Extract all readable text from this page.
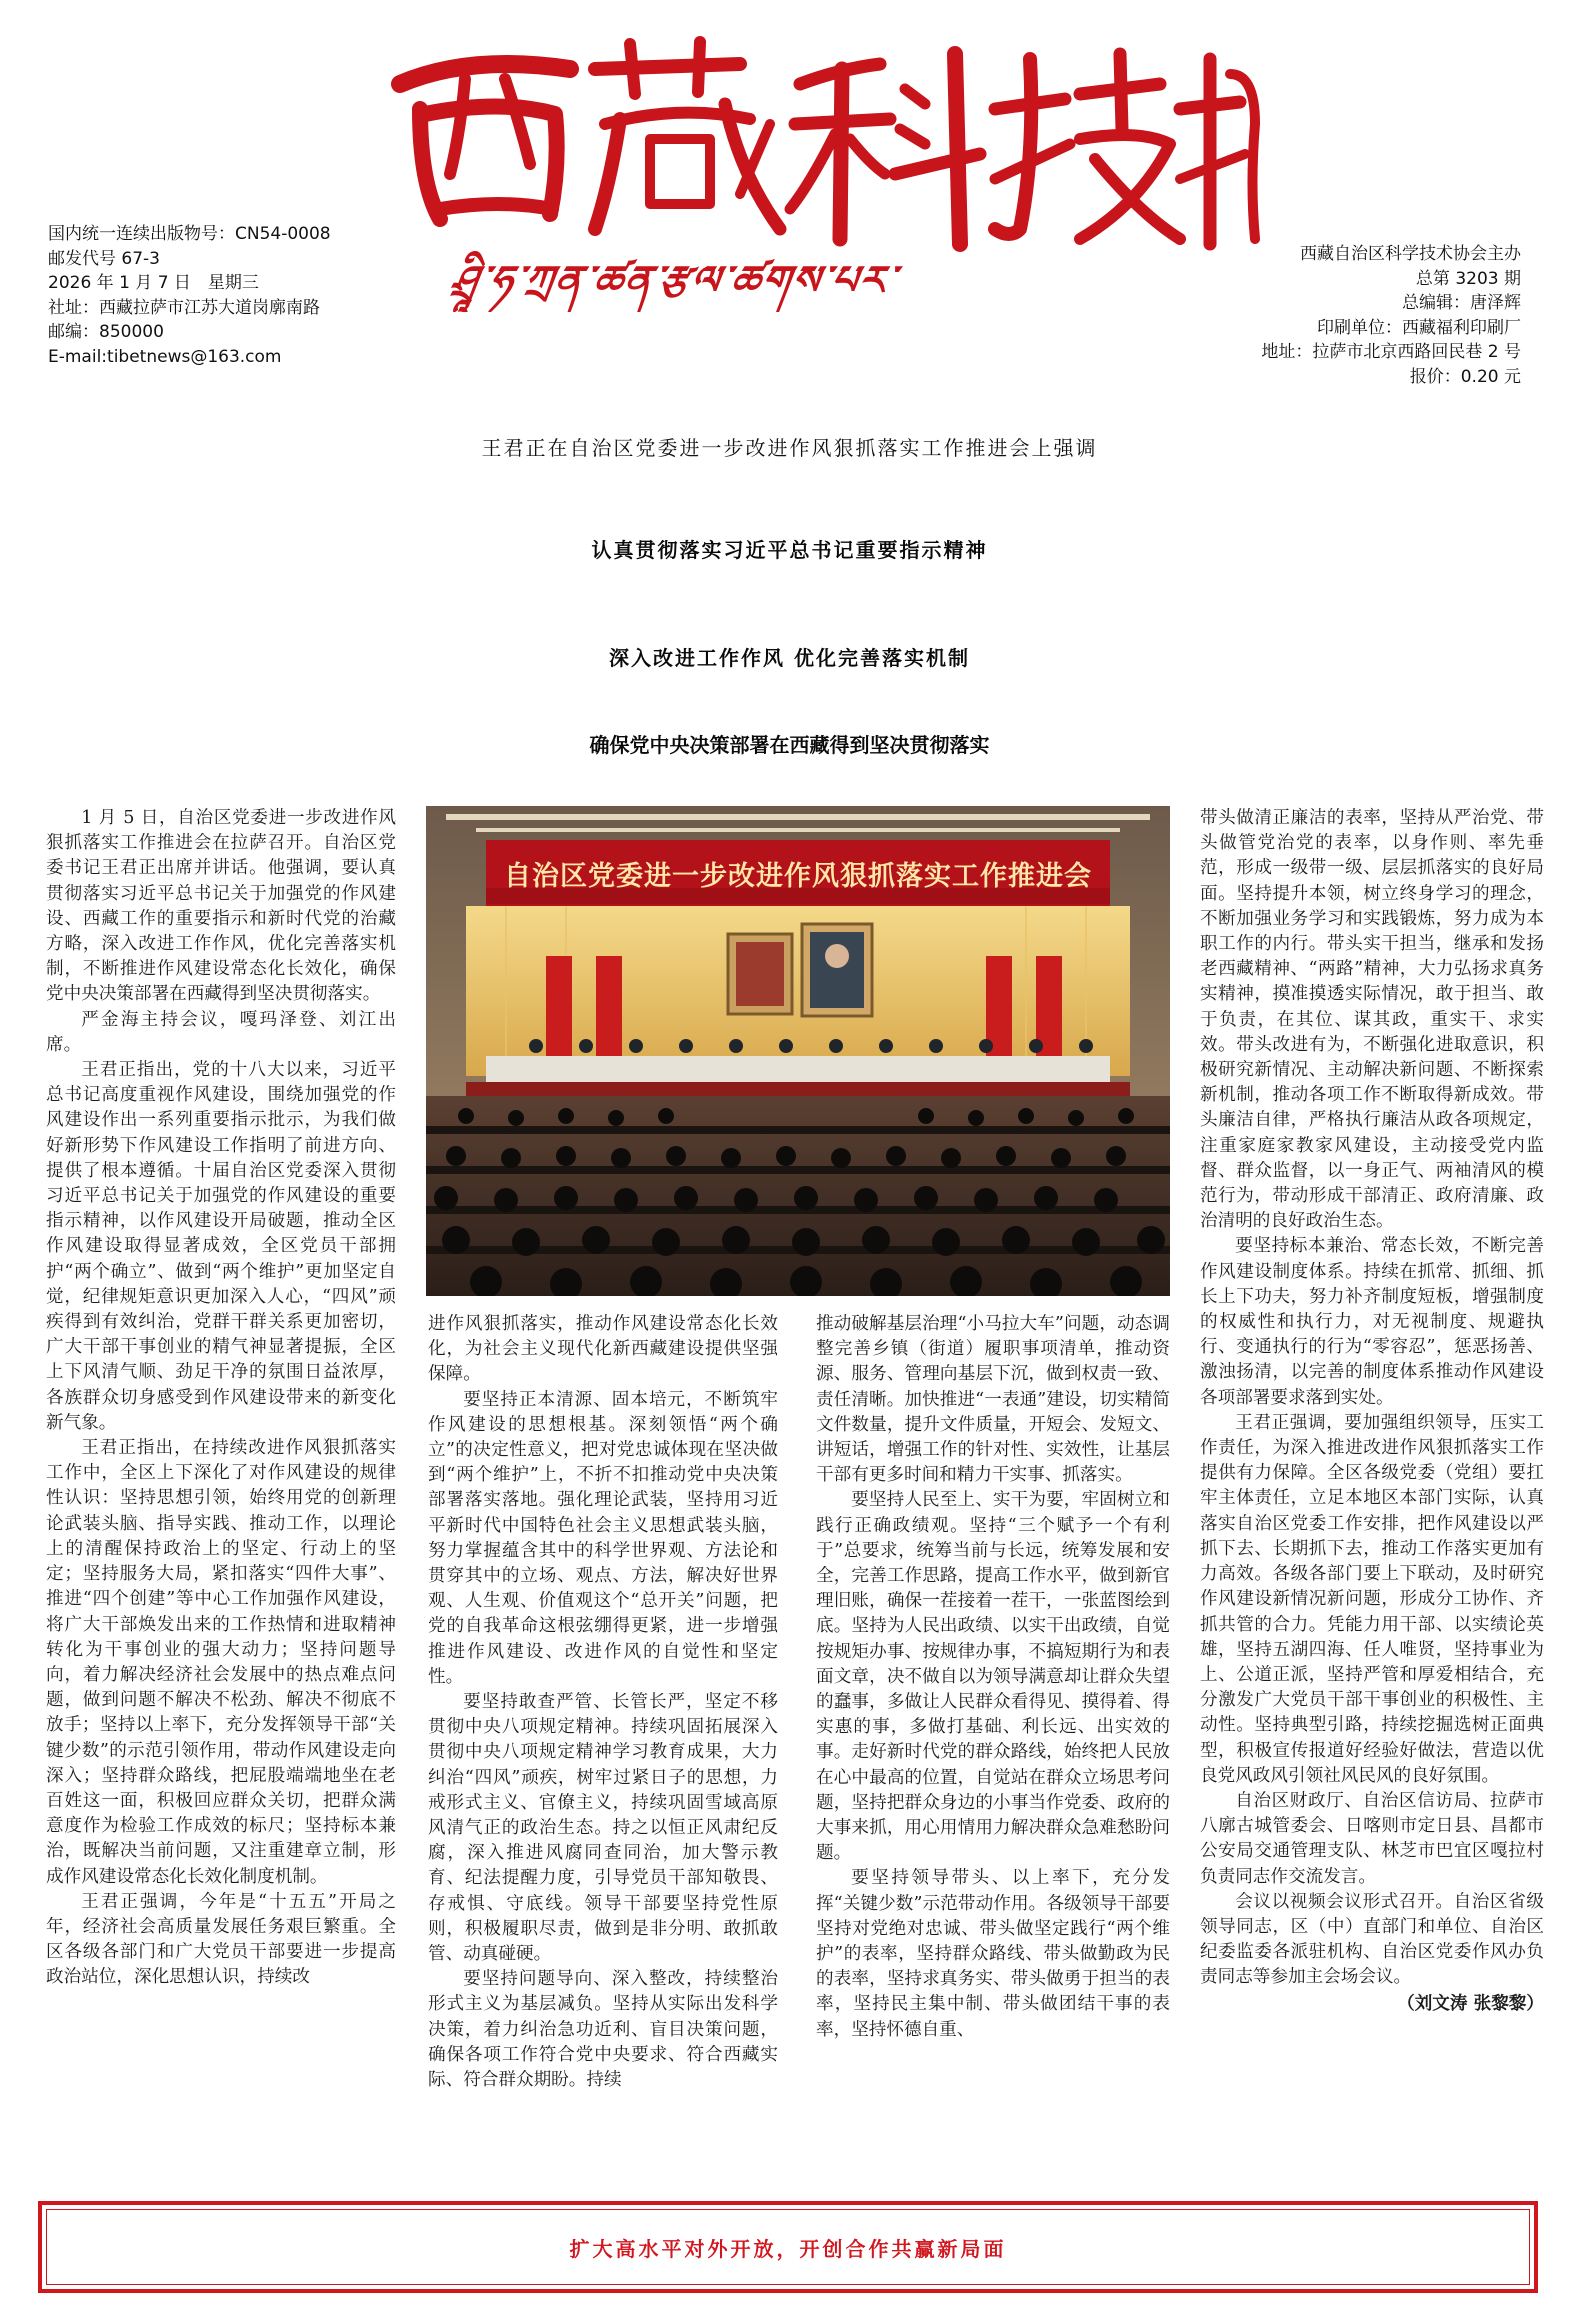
ཤྲཱི་ཧ་ཀྲན་ཚན་རྩལ་ཚགས་པར་
国内统一连续出版物号：CN54-0008
邮发代号 67-3
2026 年 1 月 7 日　星期三
社址：西藏拉萨市江苏大道岗廓南路
邮编：850000
E-mail:tibetnews@163.com
西藏自治区科学技术协会主办
总第 3203 期
总编辑：唐泽辉
印刷单位：西藏福利印刷厂
地址：拉萨市北京西路回民巷 2 号
报价：0.20 元
王君正在自治区党委进一步改进作风狠抓落实工作推进会上强调
认真贯彻落实习近平总书记重要指示精神
深入改进工作作风 优化完善落实机制
确保党中央决策部署在西藏得到坚决贯彻落实

1 月 5 日，自治区党委进一步改进作风狠抓落实工作推进会在拉萨召开。自治区党委书记王君正出席并讲话。他强调，要认真贯彻落实习近平总书记关于加强党的作风建设、西藏工作的重要指示和新时代党的治藏方略，深入改进工作作风，优化完善落实机制，不断推进作风建设常态化长效化，确保党中央决策部署在西藏得到坚决贯彻落实。

严金海主持会议，嘎玛泽登、刘江出席。

王君正指出，党的十八大以来，习近平总书记高度重视作风建设，围绕加强党的作风建设作出一系列重要指示批示，为我们做好新形势下作风建设工作指明了前进方向、提供了根本遵循。十届自治区党委深入贯彻习近平总书记关于加强党的作风建设的重要指示精神，以作风建设开局破题，推动全区作风建设取得显著成效，全区党员干部拥护“两个确立”、做到“两个维护”更加坚定自觉，纪律规矩意识更加深入人心，“四风”顽疾得到有效纠治，党群干群关系更加密切，广大干部干事创业的精气神显著提振，全区上下风清气顺、劲足干净的氛围日益浓厚，各族群众切身感受到作风建设带来的新变化新气象。

王君正指出，在持续改进作风狠抓落实工作中，全区上下深化了对作风建设的规律性认识：坚持思想引领，始终用党的创新理论武装头脑、指导实践、推动工作，以理论上的清醒保持政治上的坚定、行动上的坚定；坚持服务大局，紧扣落实“四件大事”、推进“四个创建”等中心工作加强作风建设，将广大干部焕发出来的工作热情和进取精神转化为干事创业的强大动力；坚持问题导向，着力解决经济社会发展中的热点难点问题，做到问题不解决不松劲、解决不彻底不放手；坚持以上率下，充分发挥领导干部“关键少数”的示范引领作用，带动作风建设走向深入；坚持群众路线，把屁股端端地坐在老百姓这一面，积极回应群众关切，把群众满意度作为检验工作成效的标尺；坚持标本兼治，既解决当前问题，又注重建章立制，形成作风建设常态化长效化制度机制。

王君正强调，今年是“十五五”开局之年，经济社会高质量发展任务艰巨繁重。全区各级各部门和广大党员干部要进一步提高政治站位，深化思想认识，持续改

自治区党委进一步改进作风狠抓落实工作推进会

进作风狠抓落实，推动作风建设常态化长效化，为社会主义现代化新西藏建设提供坚强保障。

要坚持正本清源、固本培元，不断筑牢作风建设的思想根基。深刻领悟“两个确立”的决定性意义，把对党忠诚体现在坚决做到“两个维护”上，不折不扣推动党中央决策部署落实落地。强化理论武装，坚持用习近平新时代中国特色社会主义思想武装头脑，努力掌握蕴含其中的科学世界观、方法论和贯穿其中的立场、观点、方法，解决好世界观、人生观、价值观这个“总开关”问题，把党的自我革命这根弦绷得更紧，进一步增强推进作风建设、改进作风的自觉性和坚定性。

要坚持敢查严管、长管长严，坚定不移贯彻中央八项规定精神。持续巩固拓展深入贯彻中央八项规定精神学习教育成果，大力纠治“四风”顽疾，树牢过紧日子的思想，力戒形式主义、官僚主义，持续巩固雪域高原风清气正的政治生态。持之以恒正风肃纪反腐，深入推进风腐同查同治，加大警示教育、纪法提醒力度，引导党员干部知敬畏、存戒惧、守底线。领导干部要坚持党性原则，积极履职尽责，做到是非分明、敢抓敢管、动真碰硬。

要坚持问题导向、深入整改，持续整治形式主义为基层减负。坚持从实际出发科学决策，着力纠治急功近利、盲目决策问题，确保各项工作符合党中央要求、符合西藏实际、符合群众期盼。持续

推动破解基层治理“小马拉大车”问题，动态调整完善乡镇（街道）履职事项清单，推动资源、服务、管理向基层下沉，做到权责一致、责任清晰。加快推进“一表通”建设，切实精简文件数量，提升文件质量，开短会、发短文、讲短话，增强工作的针对性、实效性，让基层干部有更多时间和精力干实事、抓落实。

要坚持人民至上、实干为要，牢固树立和践行正确政绩观。坚持“三个赋予一个有利于”总要求，统筹当前与长远，统筹发展和安全，完善工作思路，提高工作水平，做到新官理旧账，确保一茬接着一茬干，一张蓝图绘到底。坚持为人民出政绩、以实干出政绩，自觉按规矩办事、按规律办事，不搞短期行为和表面文章，决不做自以为领导满意却让群众失望的蠢事，多做让人民群众看得见、摸得着、得实惠的事，多做打基础、利长远、出实效的事。走好新时代党的群众路线，始终把人民放在心中最高的位置，自觉站在群众立场思考问题，坚持把群众身边的小事当作党委、政府的大事来抓，用心用情用力解决群众急难愁盼问题。

要坚持领导带头、以上率下，充分发挥“关键少数”示范带动作用。各级领导干部要坚持对党绝对忠诚、带头做坚定践行“两个维护”的表率，坚持群众路线、带头做勤政为民的表率，坚持求真务实、带头做勇于担当的表率，坚持民主集中制、带头做团结干事的表率，坚持怀德自重、

带头做清正廉洁的表率，坚持从严治党、带头做管党治党的表率，以身作则、率先垂范，形成一级带一级、层层抓落实的良好局面。坚持提升本领，树立终身学习的理念，不断加强业务学习和实践锻炼，努力成为本职工作的内行。带头实干担当，继承和发扬老西藏精神、“两路”精神，大力弘扬求真务实精神，摸准摸透实际情况，敢于担当、敢于负责，在其位、谋其政，重实干、求实效。带头改进有为，不断强化进取意识，积极研究新情况、主动解决新问题、不断探索新机制，推动各项工作不断取得新成效。带头廉洁自律，严格执行廉洁从政各项规定，注重家庭家教家风建设，主动接受党内监督、群众监督，以一身正气、两袖清风的模范行为，带动形成干部清正、政府清廉、政治清明的良好政治生态。

要坚持标本兼治、常态长效，不断完善作风建设制度体系。持续在抓常、抓细、抓长上下功夫，努力补齐制度短板，增强制度的权威性和执行力，对无视制度、规避执行、变通执行的行为“零容忍”，惩恶扬善、激浊扬清，以完善的制度体系推动作风建设各项部署要求落到实处。

王君正强调，要加强组织领导，压实工作责任，为深入推进改进作风狠抓落实工作提供有力保障。全区各级党委（党组）要扛牢主体责任，立足本地区本部门实际，认真落实自治区党委工作安排，把作风建设以严抓下去、长期抓下去，推动工作落实更加有力高效。各级各部门要上下联动，及时研究作风建设新情况新问题，形成分工协作、齐抓共管的合力。凭能力用干部、以实绩论英雄，坚持五湖四海、任人唯贤，坚持事业为上、公道正派，坚持严管和厚爱相结合，充分激发广大党员干部干事创业的积极性、主动性。坚持典型引路，持续挖掘选树正面典型，积极宣传报道好经验好做法，营造以优良党风政风引领社风民风的良好氛围。

自治区财政厅、自治区信访局、拉萨市八廓古城管委会、日喀则市定日县、昌都市公安局交通管理支队、林芝市巴宜区嘎拉村负责同志作交流发言。

会议以视频会议形式召开。自治区省级领导同志，区（中）直部门和单位、自治区纪委监委各派驻机构、自治区党委作风办负责同志等参加主会场会议。

（刘文涛 张黎黎）

扩大高水平对外开放，开创合作共赢新局面
